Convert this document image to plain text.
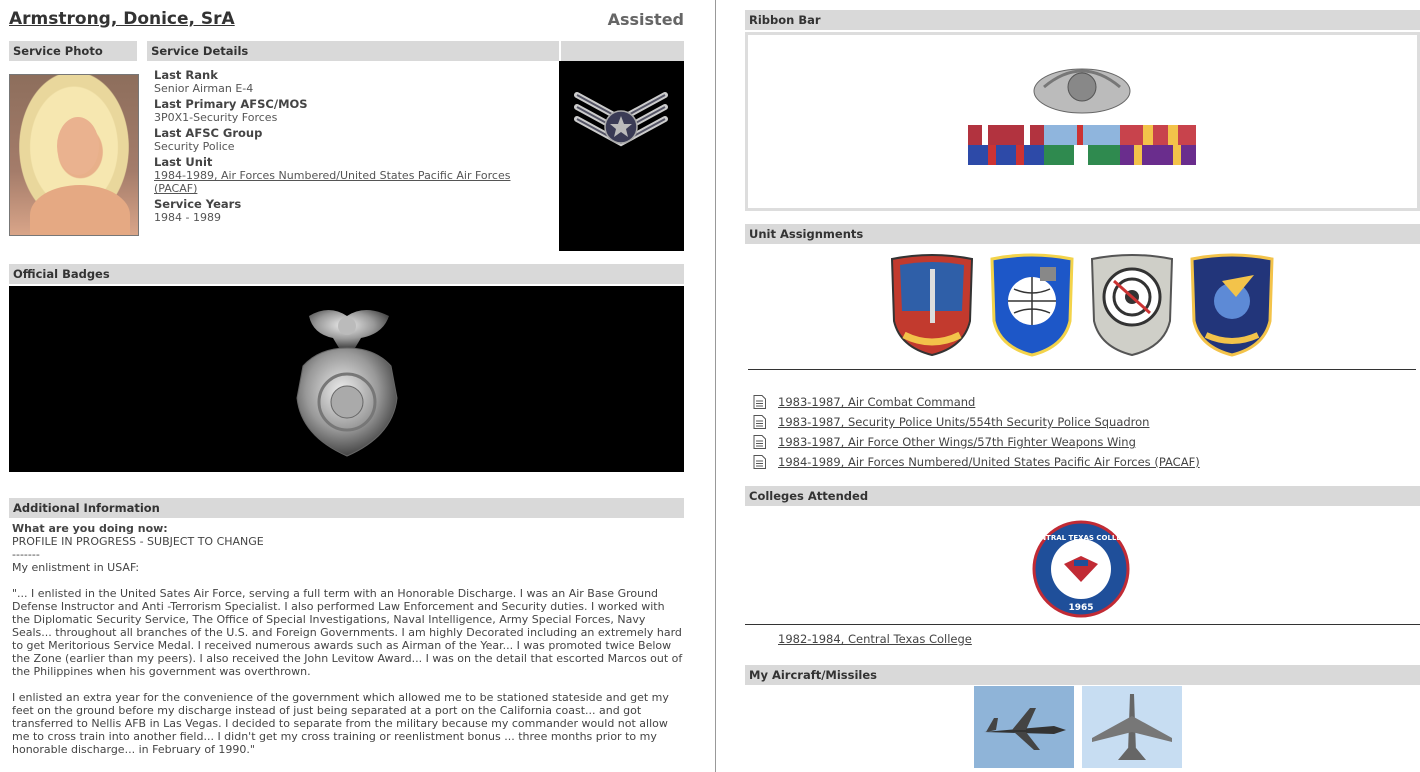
Armstrong, Donice, SrA	Assisted
Service Photo	Service Details
Last Rank
Senior Airman E-4
Last Primary AFSC/MOS
3P0X1-Security Forces
Last AFSC Group
Security Police
Last Unit
1984-1989, Air Forces Numbered/United States Pacific Air Forces (PACAF)
Service Years
1984 - 1989
Official Badges
Additional Information

What are you doing now:

PROFILE IN PROGRESS - SUBJECT TO CHANGE

-------

My enlistment in USAF:

"... I enlisted in the United Sates Air Force, serving a full term with an Honorable Discharge. I was an Air Base Ground Defense Instructor and Anti -Terrorism Specialist. I also performed Law Enforcement and Security duties. I worked with the Diplomatic Security Service, The Office of Special Investigations, Naval Intelligence, Army Special Forces, Navy Seals... throughout all branches of the U.S. and Foreign Governments. I am highly Decorated including an extremely hard to get Meritorious Service Medal. I received numerous awards such as Airman of the Year... I was promoted twice Below the Zone (earlier than my peers). I also received the John Levitow Award... I was on the detail that escorted Marcos out of the Philippines when his government was overthrown.

I enlisted an extra year for the convenience of the government which allowed me to be stationed stateside and get my feet on the ground before my discharge instead of just being separated at a port on the California coast... and got transferred to Nellis AFB in Las Vegas. I decided to separate from the military because my commander would not allow me to cross train into another field... I didn't get my cross training or reenlistment bonus ... three months prior to my honorable discharge... in February of 1990."

Ribbon Bar
Unit Assignments
1983-1987, Air Combat Command
1983-1987, Security Police Units/554th Security Police Squadron
1983-1987, Air Force Other Wings/57th Fighter Weapons Wing
1984-1989, Air Forces Numbered/United States Pacific Air Forces (PACAF)
Colleges Attended
CENTRAL TEXAS COLLEGE
1965
1982-1984, Central Texas College
My Aircraft/Missiles
